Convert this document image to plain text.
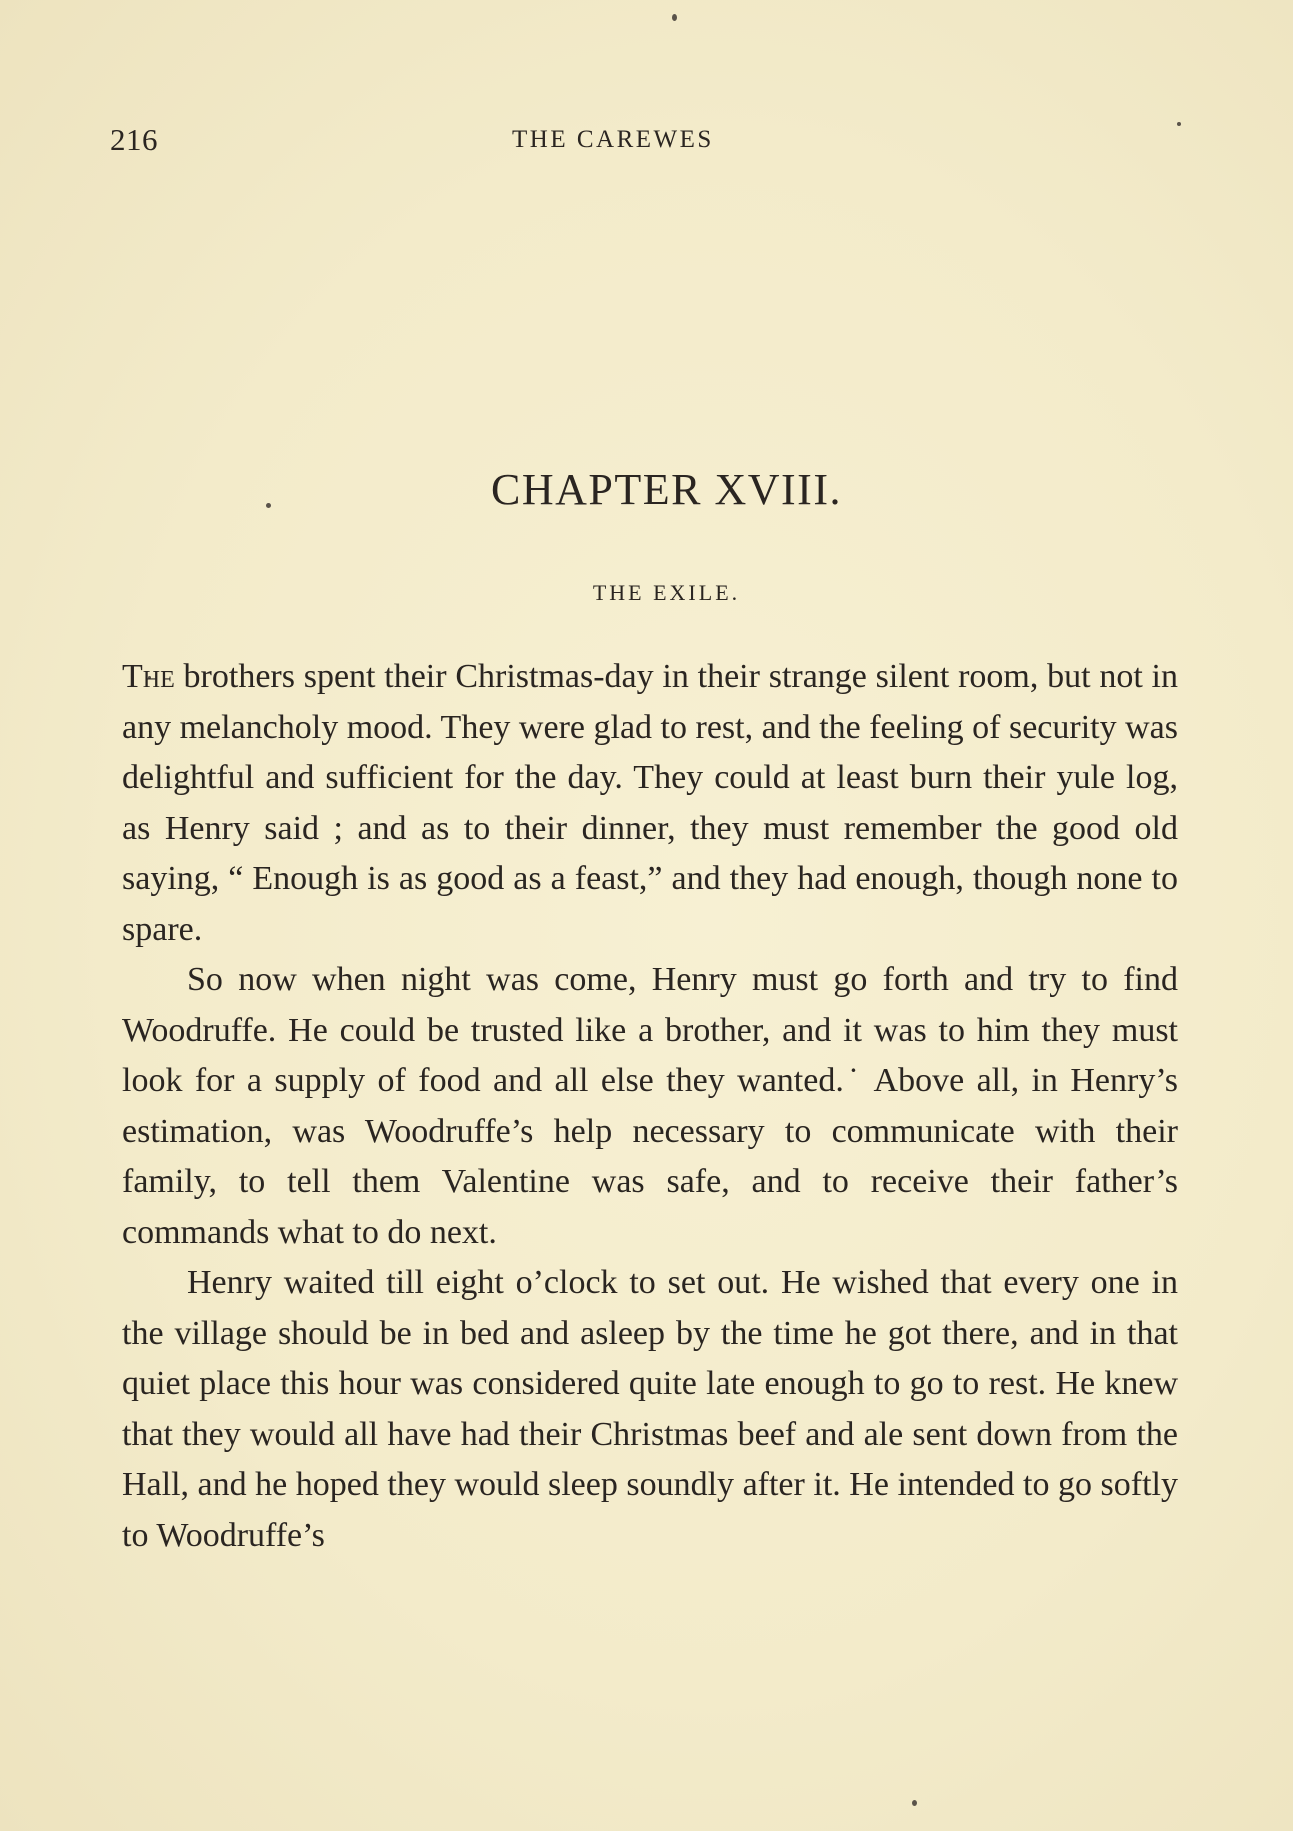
216	THE CAREWES
CHAPTER XVIII.
THE EXILE.

The brothers spent their Christmas-day in their strange silent room, but not in any melancholy mood. They were glad to rest, and the feeling of security was delightful and sufficient for the day. They could at least burn their yule log, as Henry said ; and as to their dinner, they must remember the good old saying, “ Enough is as good as a feast,” and they had enough, though none to spare.

So now when night was come, Henry must go forth and try to find Woodruffe. He could be trusted like a brother, and it was to him they must look for a supply of food and all else they wanted.˙ Above all, in Henry’s estimation, was Woodruffe’s help necessary to communicate with their family, to tell them Valentine was safe, and to receive their father’s commands what to do next.

Henry waited till eight o’clock to set out. He wished that every one in the village should be in bed and asleep by the time he got there, and in that quiet place this hour was considered quite late enough to go to rest. He knew that they would all have had their Christmas beef and ale sent down from the Hall, and he hoped they would sleep soundly after it. He intended to go softly to Woodruffe’s
